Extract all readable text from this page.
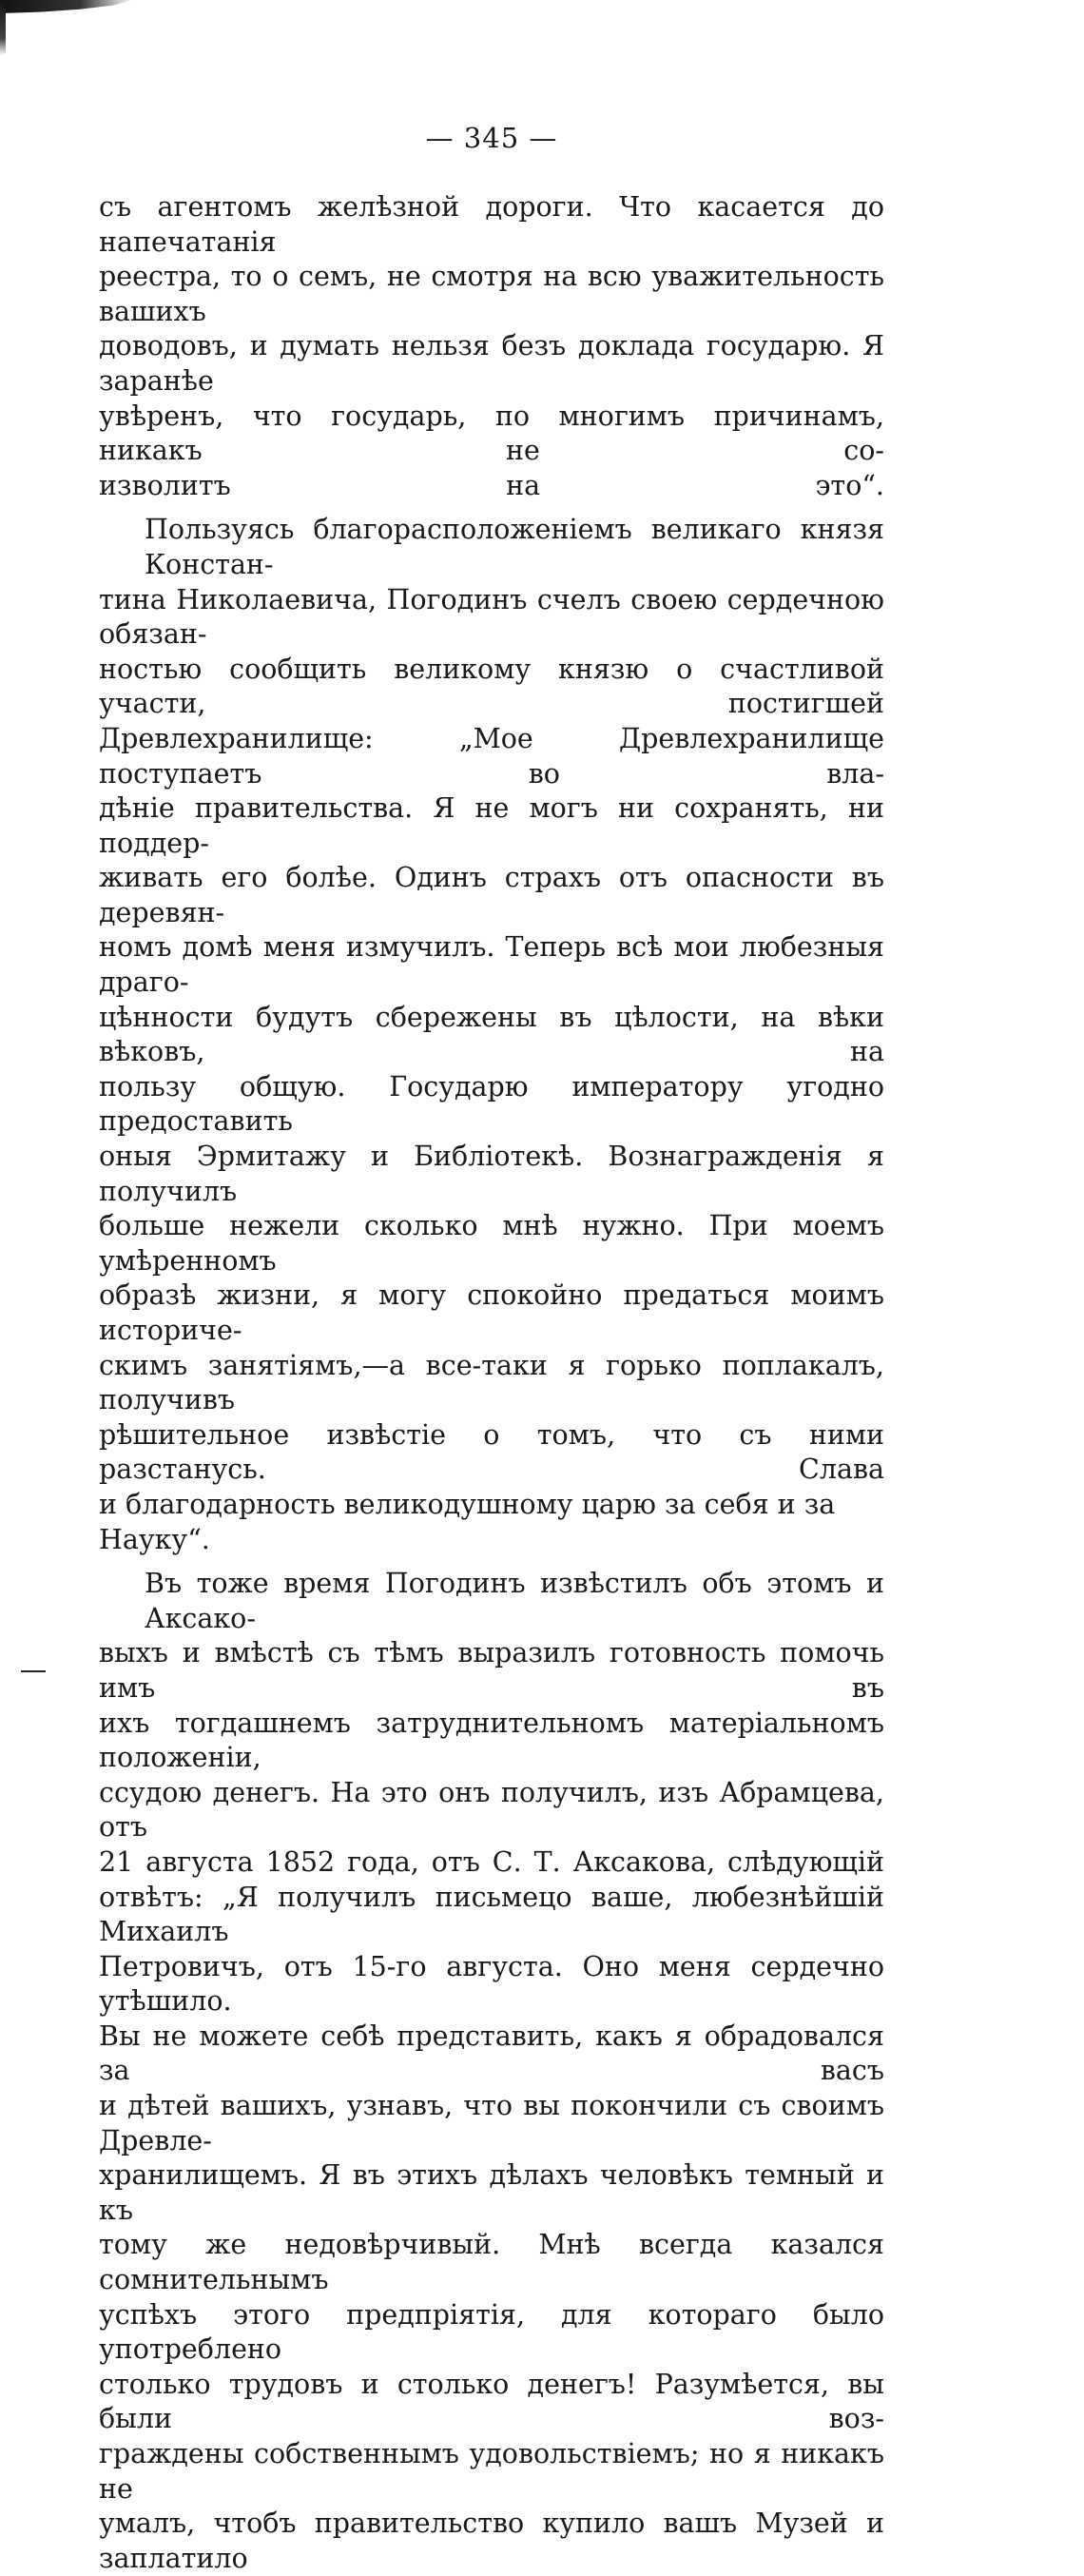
— 345 —

съ агентомъ желѣзной дороги. Что касается до напечатанія
реестра, то о семъ, не смотря на всю уважительность вашихъ
доводовъ, и думать нельзя безъ доклада государю. Я заранѣе
увѣренъ, что государь, по многимъ причинамъ, никакъ не со-
изволитъ на это“.

Пользуясь благорасположеніемъ великаго князя Констан-
тина Николаевича, Погодинъ счелъ своею сердечною обязан-
ностью сообщить великому князю о счастливой участи, постигшей
Древлехранилище: „Мое Древлехранилище поступаетъ во вла-
дѣніе правительства. Я не могъ ни сохранять, ни поддер-
живать его болѣе. Одинъ страхъ отъ опасности въ деревян-
номъ домѣ меня измучилъ. Теперь всѣ мои любезныя драго-
цѣнности будутъ сбережены въ цѣлости, на вѣки вѣковъ, на
пользу общую. Государю императору угодно предоставить
оныя Эрмитажу и Библіотекѣ. Вознагражденія я получилъ
больше нежели сколько мнѣ нужно. При моемъ умѣренномъ
образѣ жизни, я могу спокойно предаться моимъ историче-
скимъ занятіямъ,—а все-таки я горько поплакалъ, получивъ
рѣшительное извѣстіе о томъ, что съ ними разстанусь. Слава
и благодарность великодушному царю за себя и за Науку“.

Въ тоже время Погодинъ извѣстилъ объ этомъ и Аксако-
выхъ и вмѣстѣ съ тѣмъ выразилъ готовность помочь имъ въ
ихъ тогдашнемъ затруднительномъ матеріальномъ положеніи,
ссудою денегъ. На это онъ получилъ, изъ Абрамцева, отъ
21 августа 1852 года, отъ С. Т. Аксакова, слѣдующій
отвѣтъ: „Я получилъ письмецо ваше, любезнѣйшій Михаилъ
Петровичъ, отъ 15-го августа. Оно меня сердечно утѣшило.
Вы не можете себѣ представить, какъ я обрадовался за васъ
и дѣтей вашихъ, узнавъ, что вы покончили съ своимъ Древле-
хранилищемъ. Я въ этихъ дѣлахъ человѣкъ темный и къ
тому же недовѣрчивый. Мнѣ всегда казался сомнительнымъ
успѣхъ этого предпріятія, для котораго было употреблено
столько трудовъ и столько денегъ! Разумѣется, вы были воз-
граждены собственнымъ удовольствіемъ; но я никакъ не
умалъ, чтобъ правительство купило вашъ Музей и заплатило
